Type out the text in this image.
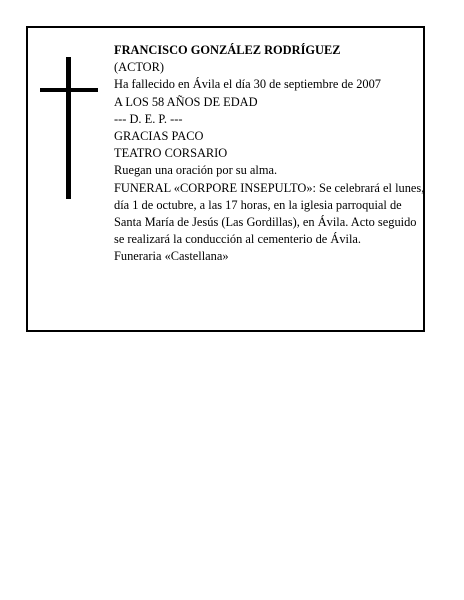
FRANCISCO GONZÁLEZ RODRÍGUEZ

(ACTOR)

Ha fallecido en Ávila el día 30 de septiembre de 2007

A LOS 58 AÑOS DE EDAD

--- D. E. P. ---

GRACIAS PACO

TEATRO CORSARIO

Ruegan una oración por su alma.

FUNERAL «CORPORE INSEPULTO»: Se celebrará el lunes, día 1 de octubre, a las 17 horas, en la iglesia parroquial de Santa María de Jesús (Las Gordillas), en Ávila. Acto seguido se realizará la conducción al cementerio de Ávila.

Funeraria «Castellana»
